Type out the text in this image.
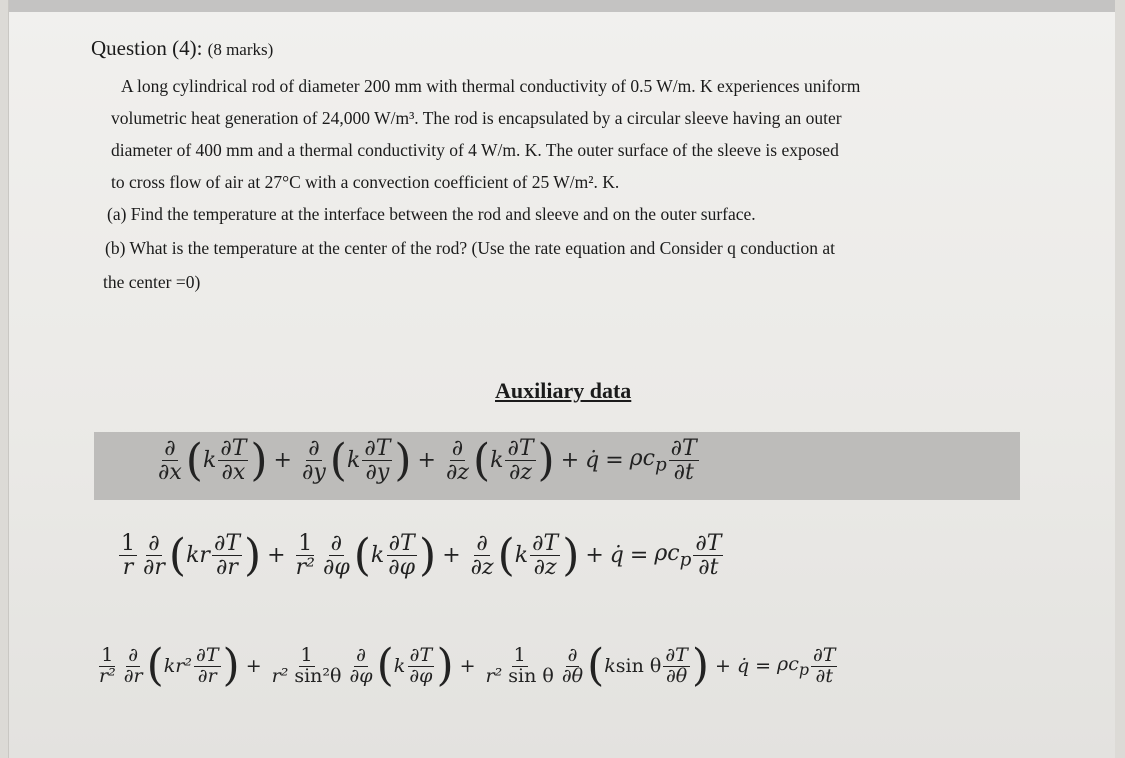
Question (4): (8 marks)
A long cylindrical rod of diameter 200 mm with thermal conductivity of 0.5 W/m. K experiences uniform
volumetric heat generation of 24,000 W/m³. The rod is encapsulated by a circular sleeve having an outer
diameter of 400 mm and a thermal conductivity of 4 W/m. K. The outer surface of the sleeve is exposed
to cross flow of air at 27°C with a convection coefficient of 25 W/m². K.
(a) Find the temperature at the interface between the rod and sleeve and on the outer surface.
(b) What is the temperature at the center of the rod? (Use the rate equation and Consider q conduction at
the center =0)
Auxiliary data
$\frac{\partial}{\partial x}$ ( k $\frac{\partial T}{\partial x}$ ) + $\frac{\partial}{\partial y}$ ( k $\frac{\partial T}{\partial y}$ ) + $\frac{\partial}{\partial z}$ ( k $\frac{\partial T}{\partial z}$ ) + q̇ = $\rho c_p \frac{\partial T}{\partial t}$
$\frac{1}{r} \frac{\partial}{\partial r}$ ( kr $\frac{\partial T}{\partial r}$ ) + $\frac{1}{\text{r²}} \frac{\partial}{\partial\varphi}$ ( k $\frac{\partial T}{\partial\varphi}$ ) + $\frac{\partial}{\partial z}$ ( k $\frac{\partial T}{\partial z}$ ) + q̇ = $\rho c_p \frac{\partial T}{\partial t}$
$\frac{1}{\text{r²}} \frac{\partial}{\partial r}$ ( $kr^2 \frac{\partial T}{\partial r}$ ) + $\frac{1}{\text{r² sin²θ}} \frac{\partial}{\partial\varphi}$ ( k $\frac{\partial T}{\partial\varphi}$ ) + $\frac{1}{\text{r² sin θ}} \frac{\partial}{\partial\theta}$ ( k sin θ $\frac{\partial T}{\partial\theta}$ ) + q̇ = $\rho c_p \frac{\partial T}{\partial t}$
